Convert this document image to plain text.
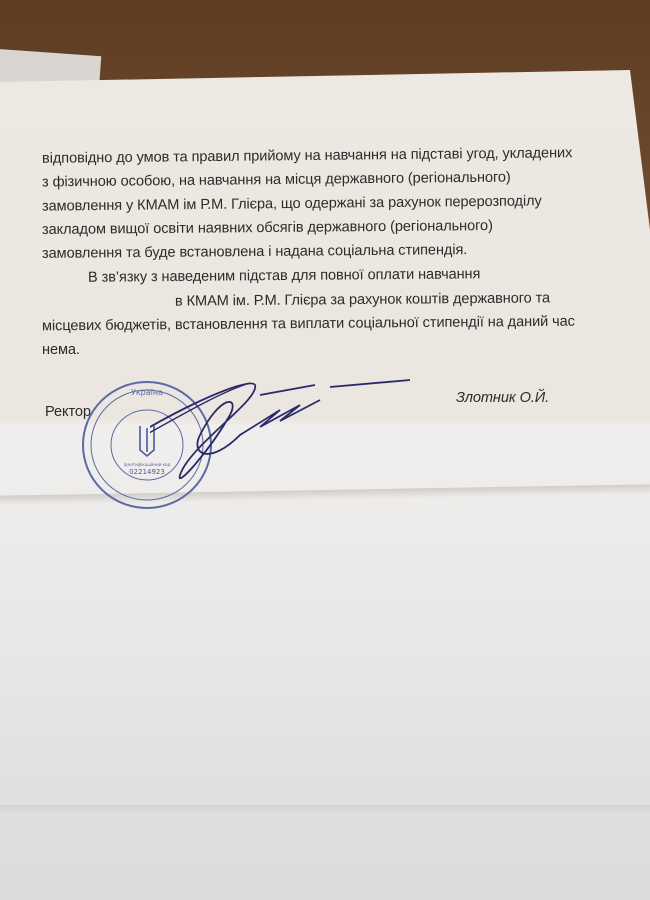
відповідно до умов та правил прийому на навчання на підставі угод, укладених
з фізичною особою, на навчання на місця державного (регіонального)
замовлення у КМАМ ім Р.М. Глієра, що одержані за рахунок перерозподілу
закладом вищої освіти наявних обсягів державного (регіонального)
замовлення та буде встановлена і надана соціальна стипендія.
В зв’язку з наведеним підстав для повної оплати навчання
в КМАМ ім. Р.М. Глієра за рахунок коштів державного та
місцевих бюджетів, встановлення та виплати соціальної стипендії на даний час
нема.
Ректор
Злотник О.Й.
Україна
Ідентифікаційний код
02214923
